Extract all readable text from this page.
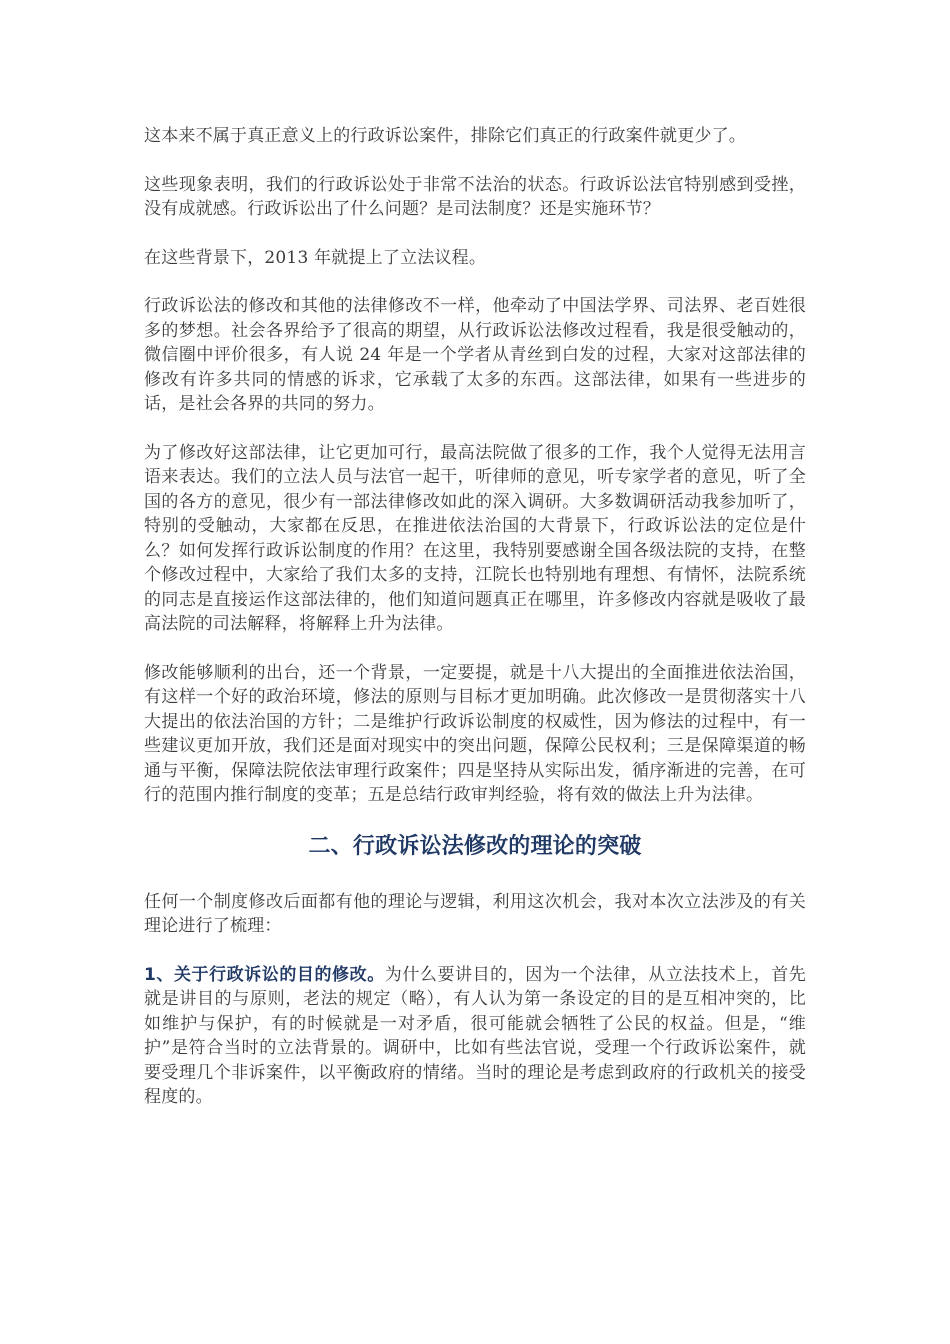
这本来不属于真正意义上的行政诉讼案件，排除它们真正的行政案件就更少了。

这些现象表明，我们的行政诉讼处于非常不法治的状态。行政诉讼法官特别感到受挫，没有成就感。行政诉讼出了什么问题？是司法制度？还是实施环节？

在这些背景下，2013 年就提上了立法议程。

行政诉讼法的修改和其他的法律修改不一样，他牵动了中国法学界、司法界、老百姓很多的梦想。社会各界给予了很高的期望，从行政诉讼法修改过程看，我是很受触动的，微信圈中评价很多，有人说 24 年是一个学者从青丝到白发的过程，大家对这部法律的修改有许多共同的情感的诉求，它承载了太多的东西。这部法律，如果有一些进步的话，是社会各界的共同的努力。

为了修改好这部法律，让它更加可行，最高法院做了很多的工作，我个人觉得无法用言语来表达。我们的立法人员与法官一起干，听律师的意见，听专家学者的意见，听了全国的各方的意见，很少有一部法律修改如此的深入调研。大多数调研活动我参加听了，特别的受触动，大家都在反思，在推进依法治国的大背景下，行政诉讼法的定位是什么？如何发挥行政诉讼制度的作用？在这里，我特别要感谢全国各级法院的支持，在整个修改过程中，大家给了我们太多的支持，江院长也特别地有理想、有情怀，法院系统的同志是直接运作这部法律的，他们知道问题真正在哪里，许多修改内容就是吸收了最高法院的司法解释，将解释上升为法律。

修改能够顺利的出台，还一个背景，一定要提，就是十八大提出的全面推进依法治国，有这样一个好的政治环境，修法的原则与目标才更加明确。此次修改一是贯彻落实十八大提出的依法治国的方针；二是维护行政诉讼制度的权威性，因为修法的过程中，有一些建议更加开放，我们还是面对现实中的突出问题，保障公民权利；三是保障渠道的畅通与平衡，保障法院依法审理行政案件；四是坚持从实际出发，循序渐进的完善，在可行的范围内推行制度的变革；五是总结行政审判经验，将有效的做法上升为法律。

二、行政诉讼法修改的理论的突破

任何一个制度修改后面都有他的理论与逻辑，利用这次机会，我对本次立法涉及的有关理论进行了梳理：

1、关于行政诉讼的目的修改。为什么要讲目的，因为一个法律，从立法技术上，首先就是讲目的与原则，老法的规定（略），有人认为第一条设定的目的是互相冲突的，比如维护与保护，有的时候就是一对矛盾，很可能就会牺牲了公民的权益。但是，“维护”是符合当时的立法背景的。调研中，比如有些法官说，受理一个行政诉讼案件，就要受理几个非诉案件，以平衡政府的情绪。当时的理论是考虑到政府的行政机关的接受程度的。
